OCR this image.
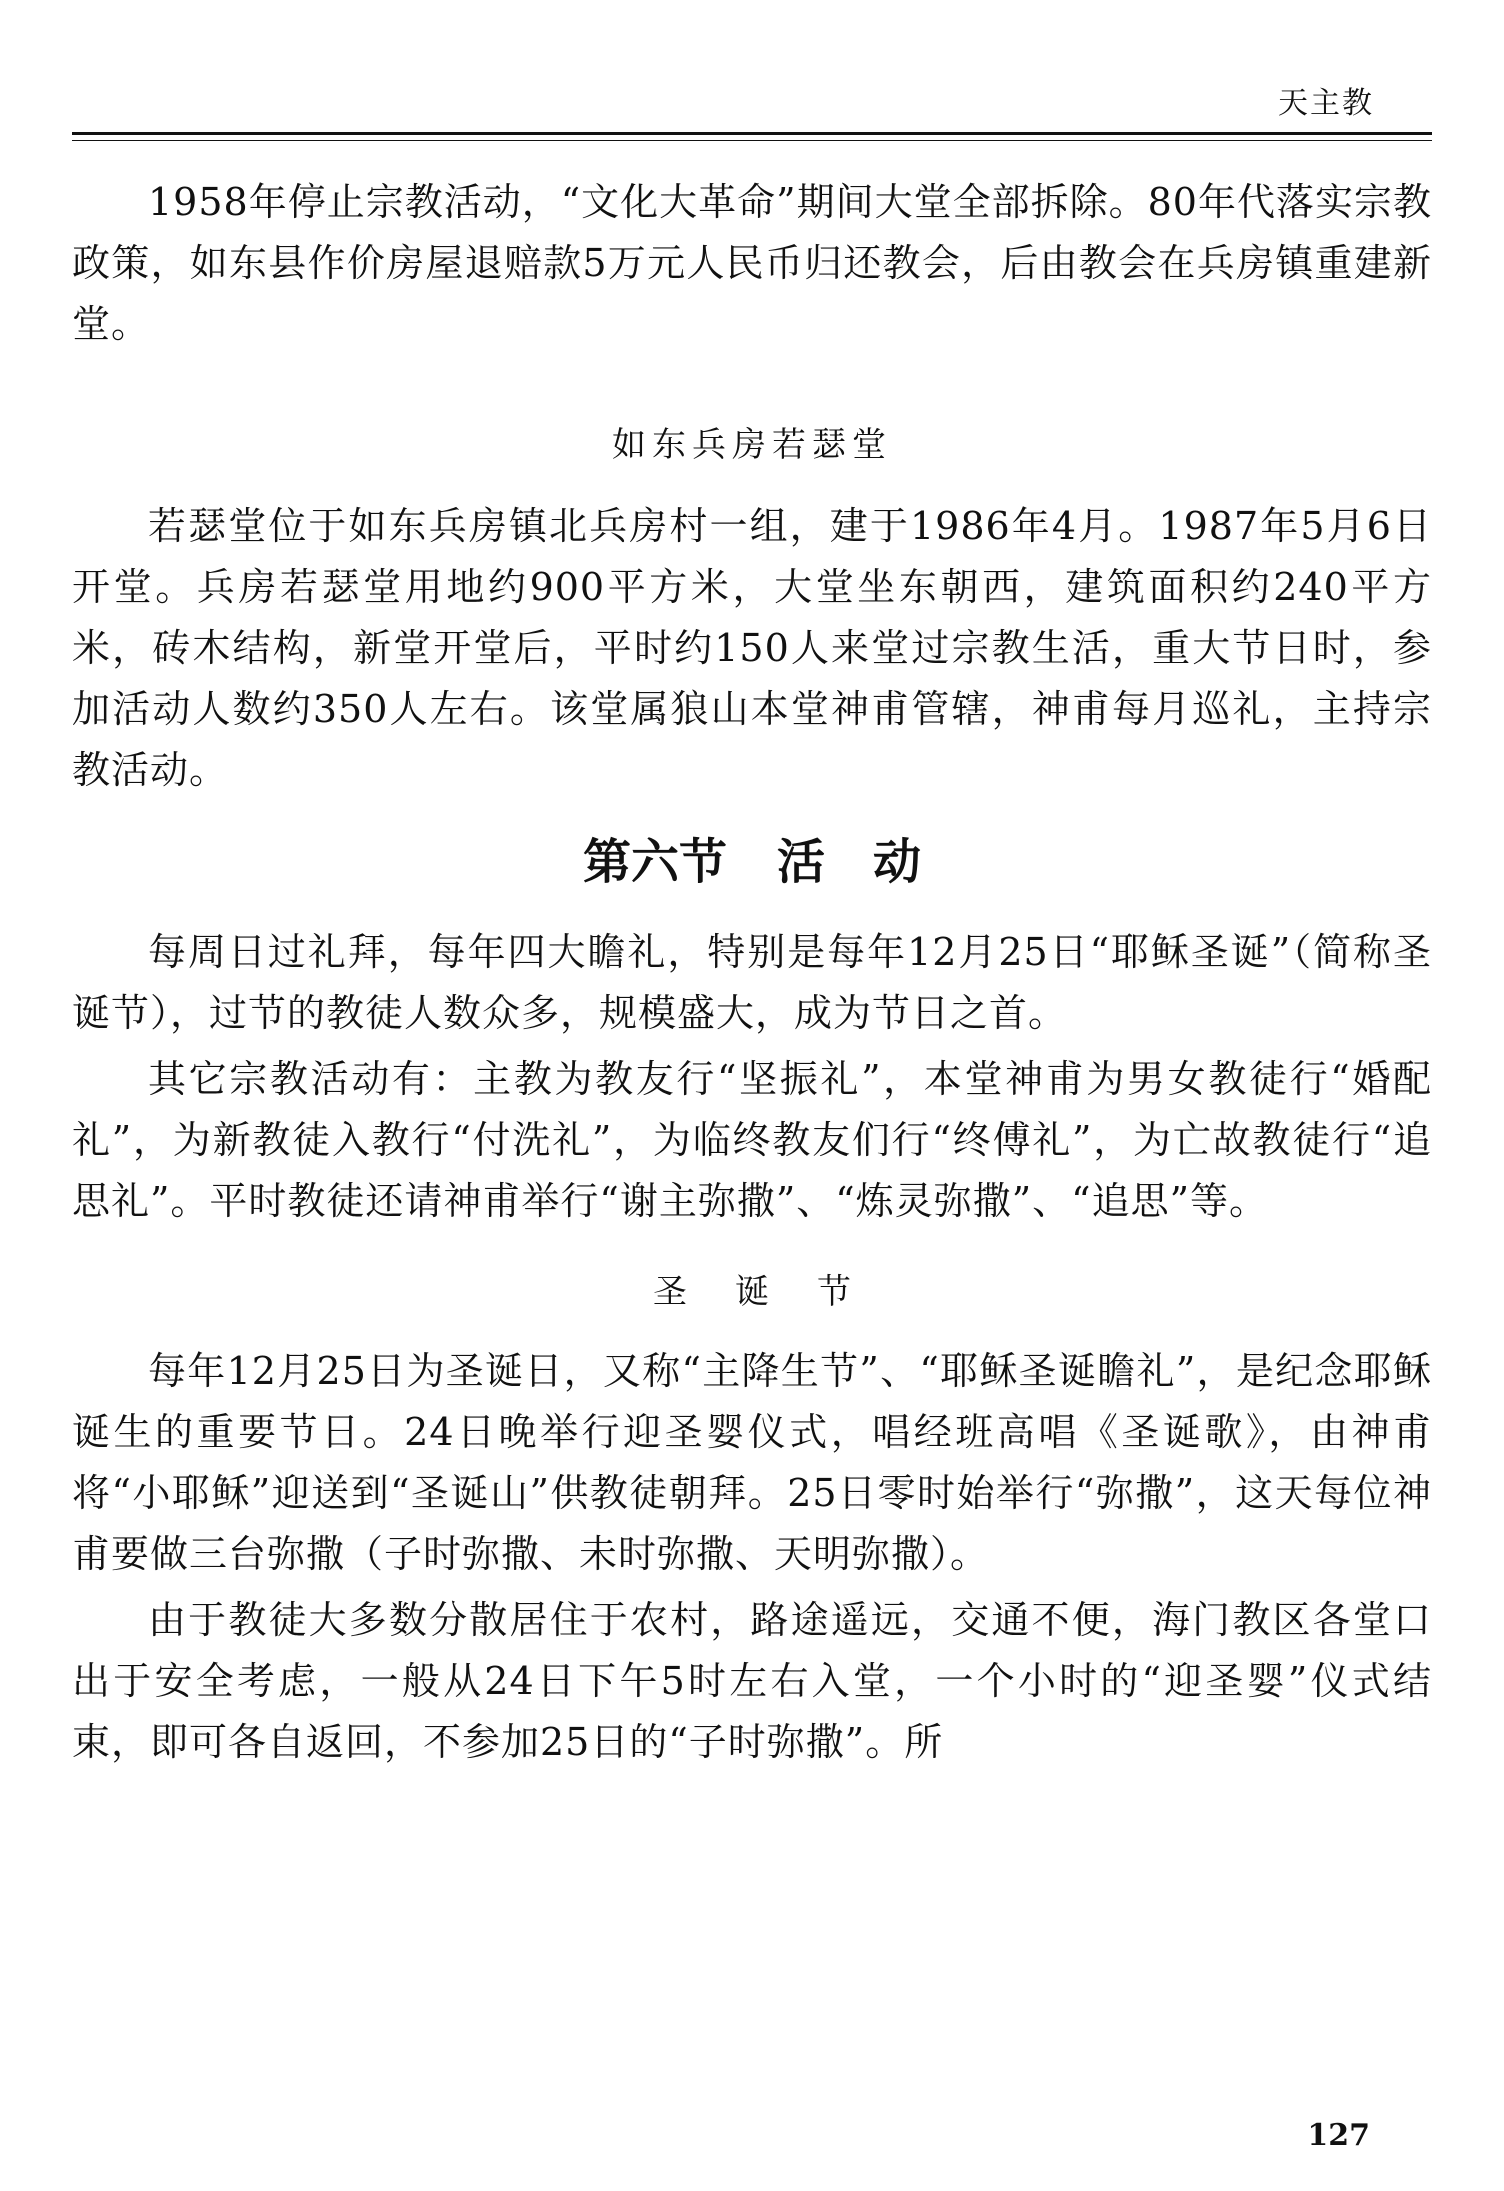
天主教

1958年停止宗教活动，“文化大革命”期间大堂全部拆除。80年代落实宗教政策，如东县作价房屋退赔款5万元人民币归还教会，后由教会在兵房镇重建新堂。

如东兵房若瑟堂

若瑟堂位于如东兵房镇北兵房村一组，建于1986年4月。1987年5月6日开堂。兵房若瑟堂用地约900平方米，大堂坐东朝西，建筑面积约240平方米，砖木结构，新堂开堂后，平时约150人来堂过宗教生活，重大节日时，参加活动人数约350人左右。该堂属狼山本堂神甫管辖，神甫每月巡礼，主持宗教活动。

第六节 活　动

每周日过礼拜，每年四大瞻礼，特别是每年12月25日“耶稣圣诞”（简称圣诞节），过节的教徒人数众多，规模盛大，成为节日之首。

其它宗教活动有：主教为教友行“坚振礼”，本堂神甫为男女教徒行“婚配礼”，为新教徒入教行“付洗礼”，为临终教友们行“终傅礼”，为亡故教徒行“追思礼”。平时教徒还请神甫举行“谢主弥撒”、“炼灵弥撒”、“追思”等。

圣诞节

每年12月25日为圣诞日，又称“主降生节”、“耶稣圣诞瞻礼”，是纪念耶稣诞生的重要节日。24日晚举行迎圣婴仪式，唱经班高唱《圣诞歌》，由神甫将“小耶稣”迎送到“圣诞山”供教徒朝拜。25日零时始举行“弥撒”，这天每位神甫要做三台弥撒（子时弥撒、未时弥撒、天明弥撒）。

由于教徒大多数分散居住于农村，路途遥远，交通不便，海门教区各堂口出于安全考虑，一般从24日下午5时左右入堂，一个小时的“迎圣婴”仪式结束，即可各自返回，不参加25日的“子时弥撒”。所

127
